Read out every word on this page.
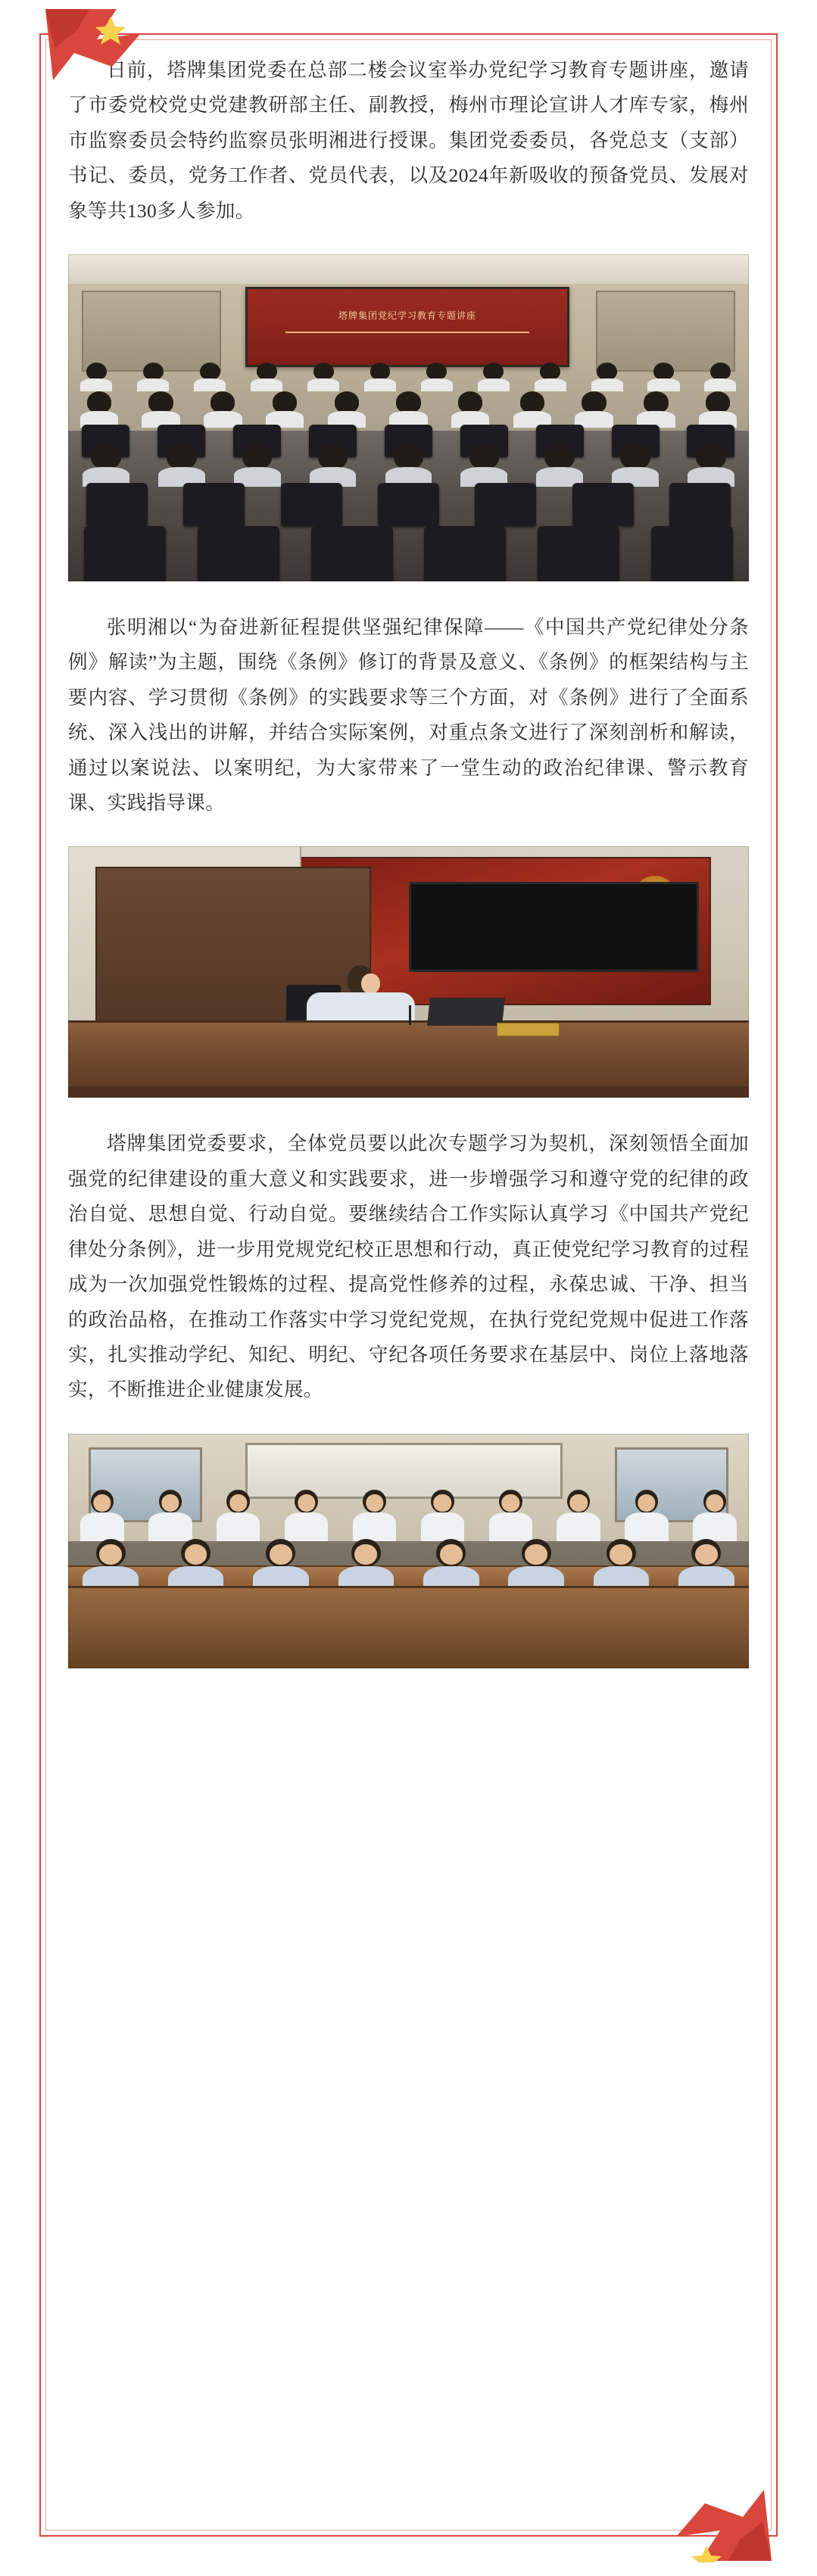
日前，塔牌集团党委在总部二楼会议室举办党纪学习教育专题讲座，邀请了市委党校党史党建教研部主任、副教授，梅州市理论宣讲人才库专家，梅州市监察委员会特约监察员张明湘进行授课。集团党委委员，各党总支（支部）书记、委员，党务工作者、党员代表，以及2024年新吸收的预备党员、发展对象等共130多人参加。

塔牌集团党纪学习教育专题讲座

张明湘以“为奋进新征程提供坚强纪律保障——《中国共产党纪律处分条例》解读”为主题，围绕《条例》修订的背景及意义、《条例》的框架结构与主要内容、学习贯彻《条例》的实践要求等三个方面，对《条例》进行了全面系统、深入浅出的讲解，并结合实际案例，对重点条文进行了深刻剖析和解读，通过以案说法、以案明纪，为大家带来了一堂生动的政治纪律课、警示教育课、实践指导课。

塔牌集团党委要求，全体党员要以此次专题学习为契机，深刻领悟全面加强党的纪律建设的重大意义和实践要求，进一步增强学习和遵守党的纪律的政治自觉、思想自觉、行动自觉。要继续结合工作实际认真学习《中国共产党纪律处分条例》，进一步用党规党纪校正思想和行动，真正使党纪学习教育的过程成为一次加强党性锻炼的过程、提高党性修养的过程，永葆忠诚、干净、担当的政治品格，在推动工作落实中学习党纪党规，在执行党纪党规中促进工作落实，扎实推动学纪、知纪、明纪、守纪各项任务要求在基层中、岗位上落地落实，不断推进企业健康发展。
